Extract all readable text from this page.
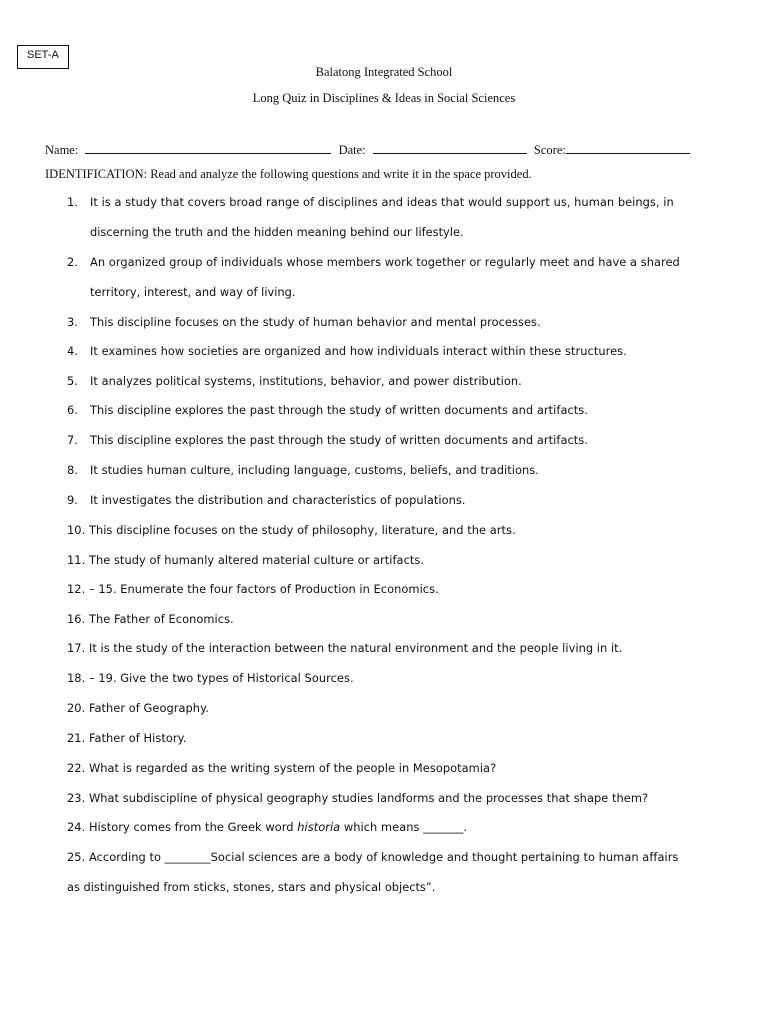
SET-A
Balatong Integrated School
Long Quiz in Disciplines & Ideas in Social Sciences
Name:	Date:	Score:
IDENTIFICATION: Read and analyze the following questions and write it in the space provided.
1. It is a study that covers broad range of disciplines and ideas that would support us, human beings, in
discerning the truth and the hidden meaning behind our lifestyle.
2. An organized group of individuals whose members work together or regularly meet and have a shared
territory, interest, and way of living.
3. This discipline focuses on the study of human behavior and mental processes.
4. It examines how societies are organized and how individuals interact within these structures.
5. It analyzes political systems, institutions, behavior, and power distribution.
6. This discipline explores the past through the study of written documents and artifacts.
7. This discipline explores the past through the study of written documents and artifacts.
8. It studies human culture, including language, customs, beliefs, and traditions.
9. It investigates the distribution and characteristics of populations.
10. This discipline focuses on the study of philosophy, literature, and the arts.
11. The study of humanly altered material culture or artifacts.
12. – 15. Enumerate the four factors of Production in Economics.
16. The Father of Economics.
17. It is the study of the interaction between the natural environment and the people living in it.
18. – 19. Give the two types of Historical Sources.
20. Father of Geography.
21. Father of History.
22. What is regarded as the writing system of the people in Mesopotamia?
23. What subdiscipline of physical geography studies landforms and the processes that shape them?
24. History comes from the Greek word historia which means _______.
25. According to ________Social sciences are a body of knowledge and thought pertaining to human affairs
as distinguished from sticks, stones, stars and physical objects”.
